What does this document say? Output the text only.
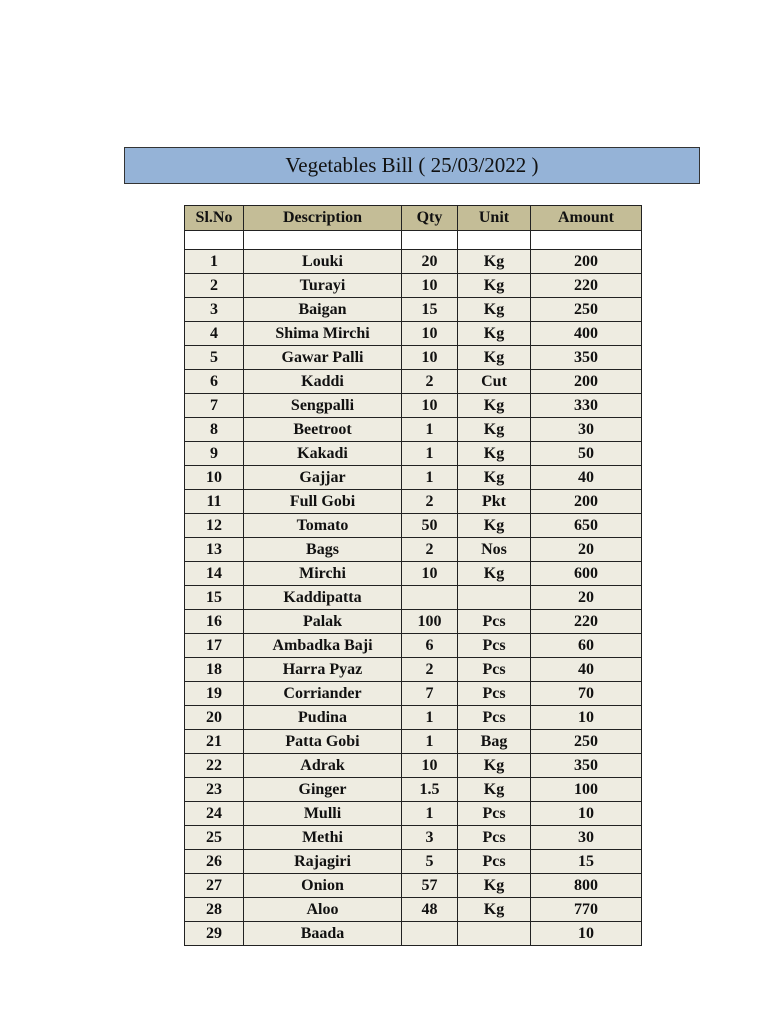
Vegetables Bill ( 25/03/2022 )
Sl.No	Description	Qty	Unit	Amount

1	Louki	20	Kg	200
2	Turayi	10	Kg	220
3	Baigan	15	Kg	250
4	Shima Mirchi	10	Kg	400
5	Gawar Palli	10	Kg	350
6	Kaddi	2	Cut	200
7	Sengpalli	10	Kg	330
8	Beetroot	1	Kg	30
9	Kakadi	1	Kg	50
10	Gajjar	1	Kg	40
11	Full Gobi	2	Pkt	200
12	Tomato	50	Kg	650
13	Bags	2	Nos	20
14	Mirchi	10	Kg	600
15	Kaddipatta			20
16	Palak	100	Pcs	220
17	Ambadka Baji	6	Pcs	60
18	Harra Pyaz	2	Pcs	40
19	Corriander	7	Pcs	70
20	Pudina	1	Pcs	10
21	Patta Gobi	1	Bag	250
22	Adrak	10	Kg	350
23	Ginger	1.5	Kg	100
24	Mulli	1	Pcs	10
25	Methi	3	Pcs	30
26	Rajagiri	5	Pcs	15
27	Onion	57	Kg	800
28	Aloo	48	Kg	770
29	Baada			10
